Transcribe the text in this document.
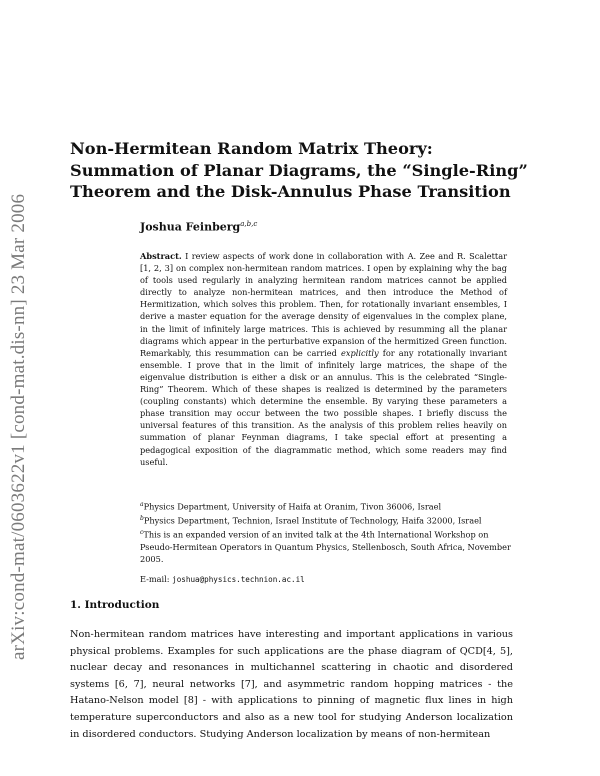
arXiv:cond-mat/0603622v1 [cond-mat.dis-nn] 23 Mar 2006
Non-Hermitean Random Matrix Theory:
Summation of Planar Diagrams, the “Single-Ring”
Theorem and the Disk-Annulus Phase Transition
Joshua Feinberg$^{a,b,c}$

Abstract. I review aspects of work done in collaboration with A. Zee and R. Scalettar [1, 2, 3] on complex non-hermitean random matrices. I open by explaining why the bag of tools used regularly in analyzing hermitean random matrices cannot be applied directly to analyze non-hermitean matrices, and then introduce the Method of Hermitization, which solves this problem. Then, for rotationally invariant ensembles, I derive a master equation for the average density of eigenvalues in the complex plane, in the limit of infinitely large matrices. This is achieved by resumming all the planar diagrams which appear in the perturbative expansion of the hermitized Green function. Remarkably, this resummation can be carried explicitly for any rotationally invariant ensemble. I prove that in the limit of infinitely large matrices, the shape of the eigenvalue distribution is either a disk or an annulus. This is the celebrated “Single-Ring” Theorem. Which of these shapes is realized is determined by the parameters (coupling constants) which determine the ensemble. By varying these parameters a phase transition may occur between the two possible shapes. I briefly discuss the universal features of this transition. As the analysis of this problem relies heavily on summation of planar Feynman diagrams, I take special effort at presenting a pedagogical exposition of the diagrammatic method, which some readers may find useful.

$^a$Physics Department, University of Haifa at Oranim, Tivon 36006, Israel
$^b$Physics Department, Technion, Israel Institute of Technology, Haifa 32000, Israel
$^c$This is an expanded version of an invited talk at the 4th International Workshop on Pseudo-Hermitean Operators in Quantum Physics, Stellenbosch, South Africa, November 2005.
E-mail: joshua@physics.technion.ac.il
1. Introduction

Non-hermitean random matrices have interesting and important applications in various physical problems. Examples for such applications are the phase diagram of QCD[4, 5], nuclear decay and resonances in multichannel scattering in chaotic and disordered systems [6, 7], neural networks [7], and asymmetric random hopping matrices - the Hatano-Nelson model [8] - with applications to pinning of magnetic flux lines in high temperature superconductors and also as a new tool for studying Anderson localization in disordered conductors. Studying Anderson localization by means of non-hermitean
